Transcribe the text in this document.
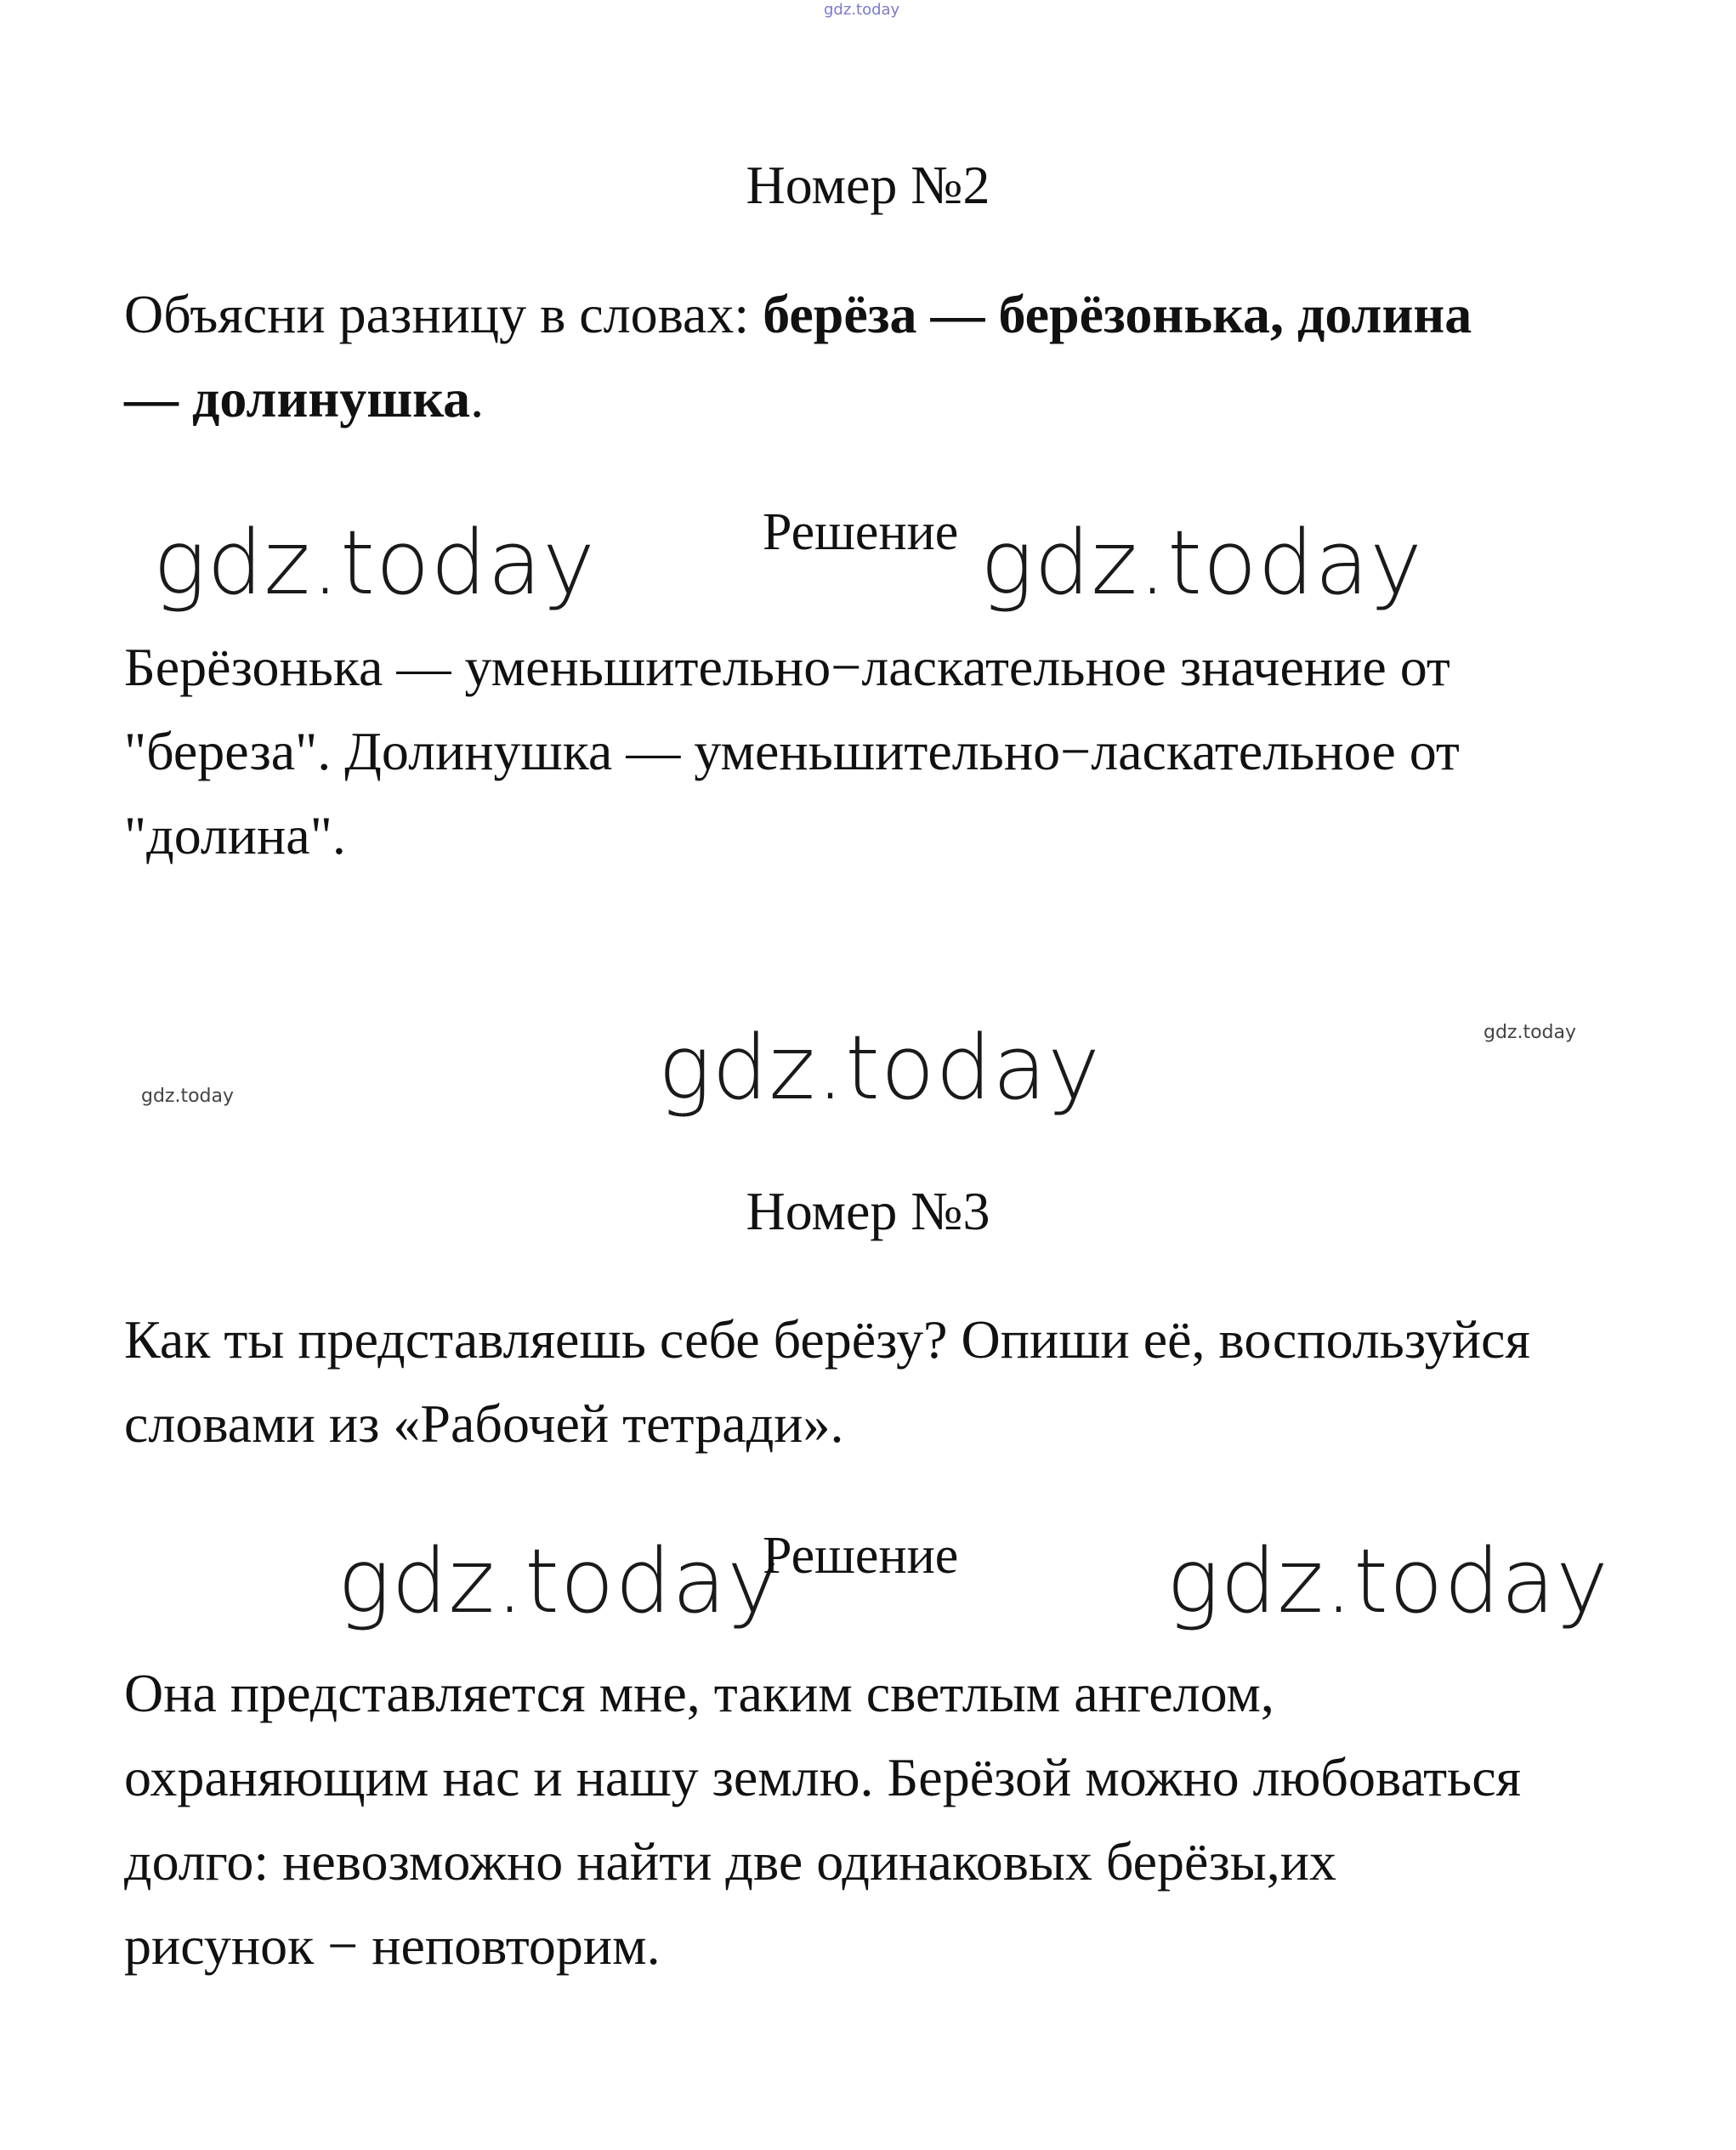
gdz.today
Номер №2
Объясни разницу в словах: берёза — берёзонька, долина
— долинушка.
gdz.today	Решение gdz.today
Берёзонька — уменьшительно−ласкательное значение от
"береза". Долинушка — уменьшительно−ласкательное от
"долина".
gdz.today
gdz.today
gdz.today
Номер №3
Как ты представляешь себе берёзу? Опиши её, воспользуйся
словами из «Рабочей тетради».
gdz.today
Решение gdz.today
Она представляется мне, таким светлым ангелом,
охраняющим нас и нашу землю. Берёзой можно любоваться
долго: невозможно найти две одинаковых берёзы,их
рисунок − неповторим.
